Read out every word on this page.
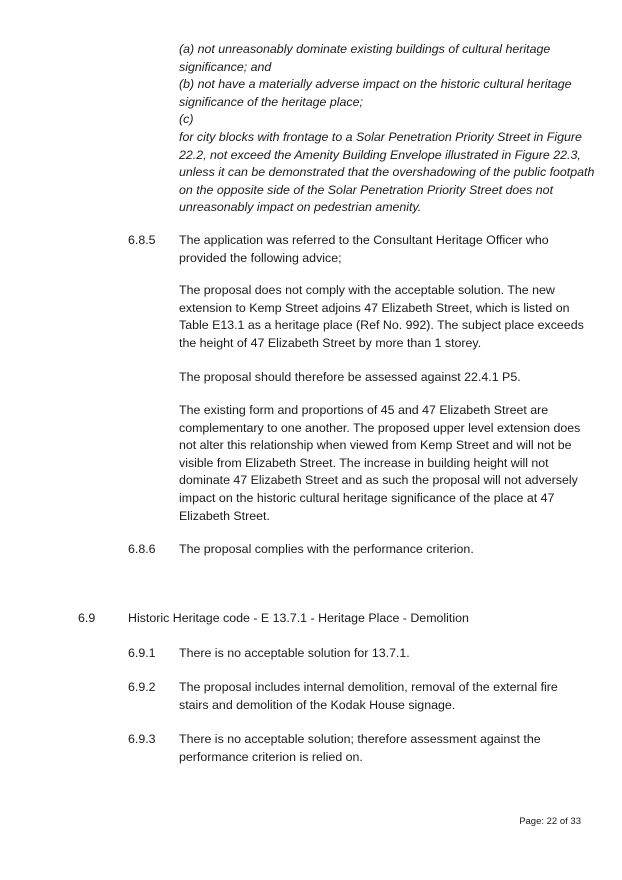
(a) not unreasonably dominate existing buildings of cultural heritage significance; and

(b) not have a materially adverse impact on the historic cultural heritage significance of the heritage place;

(c)

for city blocks with frontage to a Solar Penetration Priority Street in Figure 22.2, not exceed the Amenity Building Envelope illustrated in Figure 22.3, unless it can be demonstrated that the overshadowing of the public footpath on the opposite side of the Solar Penetration Priority Street does not unreasonably impact on pedestrian amenity.

6.8.5 The application was referred to the Consultant Heritage Officer who provided the following advice;

The proposal does not comply with the acceptable solution. The new extension to Kemp Street adjoins 47 Elizabeth Street, which is listed on Table E13.1 as a heritage place (Ref No. 992). The subject place exceeds the height of 47 Elizabeth Street by more than 1 storey.

The proposal should therefore be assessed against 22.4.1 P5.

The existing form and proportions of 45 and 47 Elizabeth Street are complementary to one another. The proposed upper level extension does not alter this relationship when viewed from Kemp Street and will not be visible from Elizabeth Street. The increase in building height will not dominate 47 Elizabeth Street and as such the proposal will not adversely impact on the historic cultural heritage significance of the place at 47 Elizabeth Street.

6.8.6 The proposal complies with the performance criterion.

6.9	Historic Heritage code - E 13.7.1 - Heritage Place - Demolition
6.9.1 There is no acceptable solution for 13.7.1.

6.9.2 The proposal includes internal demolition, removal of the external fire stairs and demolition of the Kodak House signage.

6.9.3 There is no acceptable solution; therefore assessment against the performance criterion is relied on.

Page: 22 of 33
